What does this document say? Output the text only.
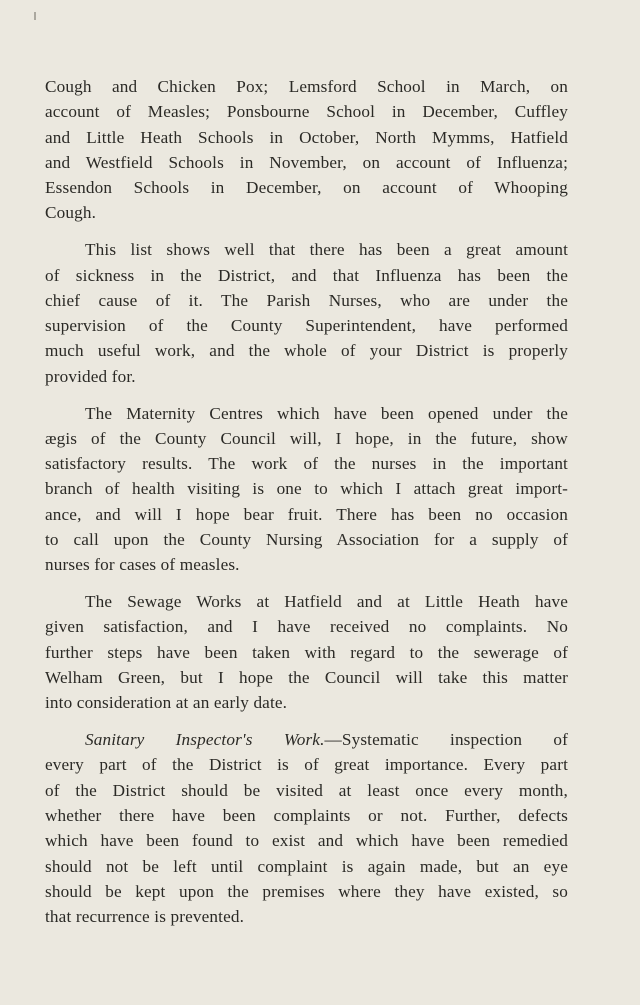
Cough and Chicken Pox; Lemsford School in March, on
account of Measles; Ponsbourne School in December, Cuffley
and Little Heath Schools in October, North Mymms, Hatfield
and Westfield Schools in November, on account of Influenza;
Essendon Schools in December, on account of Whooping
Cough.
This list shows well that there has been a great amount
of sickness in the District, and that Influenza has been the
chief cause of it. The Parish Nurses, who are under the
supervision of the County Superintendent, have performed
much useful work, and the whole of your District is properly
provided for.
The Maternity Centres which have been opened under the
ægis of the County Council will, I hope, in the future, show
satisfactory results. The work of the nurses in the important
branch of health visiting is one to which I attach great import-
ance, and will I hope bear fruit. There has been no occasion
to call upon the County Nursing Association for a supply of
nurses for cases of measles.
The Sewage Works at Hatfield and at Little Heath have
given satisfaction, and I have received no complaints. No
further steps have been taken with regard to the sewerage of
Welham Green, but I hope the Council will take this matter
into consideration at an early date.
Sanitary Inspector's Work.—Systematic inspection of
every part of the District is of great importance. Every part
of the District should be visited at least once every month,
whether there have been complaints or not. Further, defects
which have been found to exist and which have been remedied
should not be left until complaint is again made, but an eye
should be kept upon the premises where they have existed, so
that recurrence is prevented.
